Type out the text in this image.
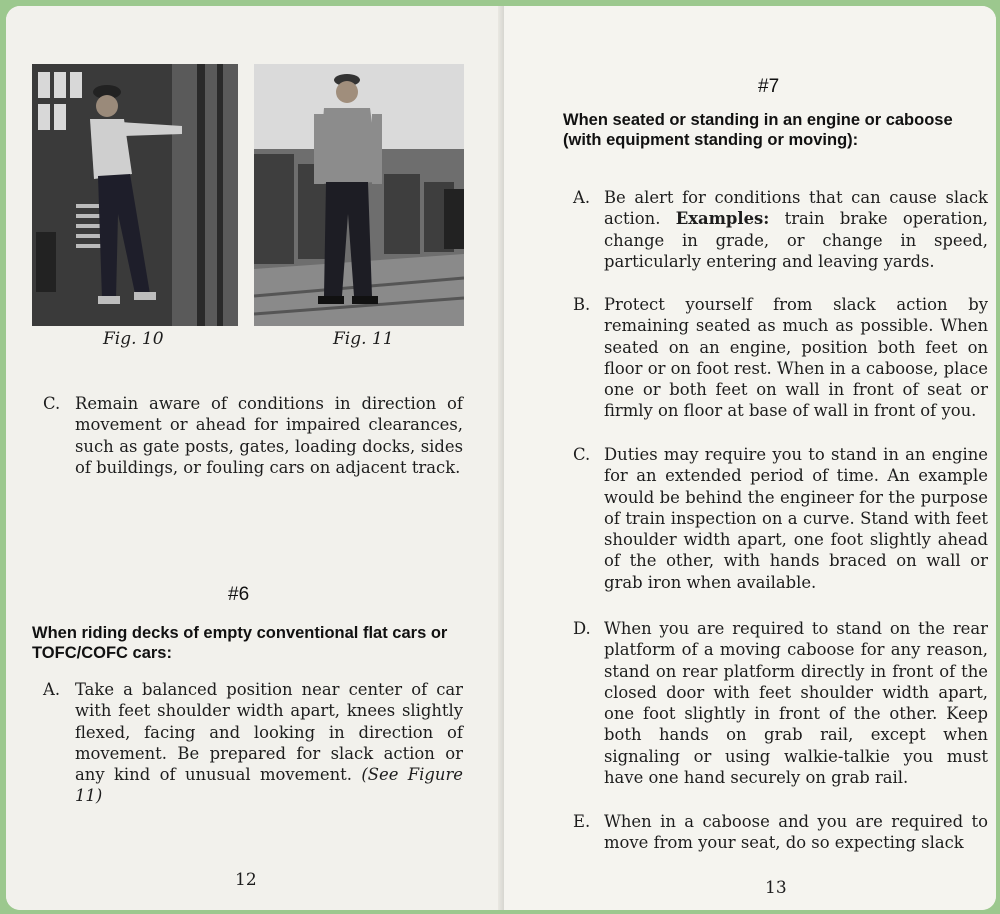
Fig. 10	Fig. 11
C. Remain aware of conditions in direction of movement or ahead for impaired clearances, such as gate posts, gates, loading docks, sides of buildings, or fouling cars on adjacent track.
#6
When riding decks of empty conventional flat cars or TOFC/COFC cars:
A. Take a balanced position near center of car with feet shoulder width apart, knees slightly flexed, facing and looking in direction of movement. Be prepared for slack action or any kind of unusual movement. (See Figure 11)
12
#7
When seated or standing in an engine or caboose (with equipment standing or moving):
A. Be alert for conditions that can cause slack action. Examples: train brake operation, change in grade, or change in speed, particularly entering and leaving yards.
B. Protect yourself from slack action by remaining seated as much as possible. When seated on an engine, position both feet on floor or on foot rest. When in a caboose, place one or both feet on wall in front of seat or firmly on floor at base of wall in front of you.
C. Duties may require you to stand in an engine for an extended period of time. An example would be behind the engineer for the purpose of train inspection on a curve. Stand with feet shoulder width apart, one foot slightly ahead of the other, with hands braced on wall or grab iron when available.
D. When you are required to stand on the rear platform of a moving caboose for any reason, stand on rear platform directly in front of the closed door with feet shoulder width apart, one foot slightly in front of the other. Keep both hands on grab rail, except when signaling or using walkie-talkie you must have one hand securely on grab rail.
E. When in a caboose and you are required to move from your seat, do so expecting slack
13
